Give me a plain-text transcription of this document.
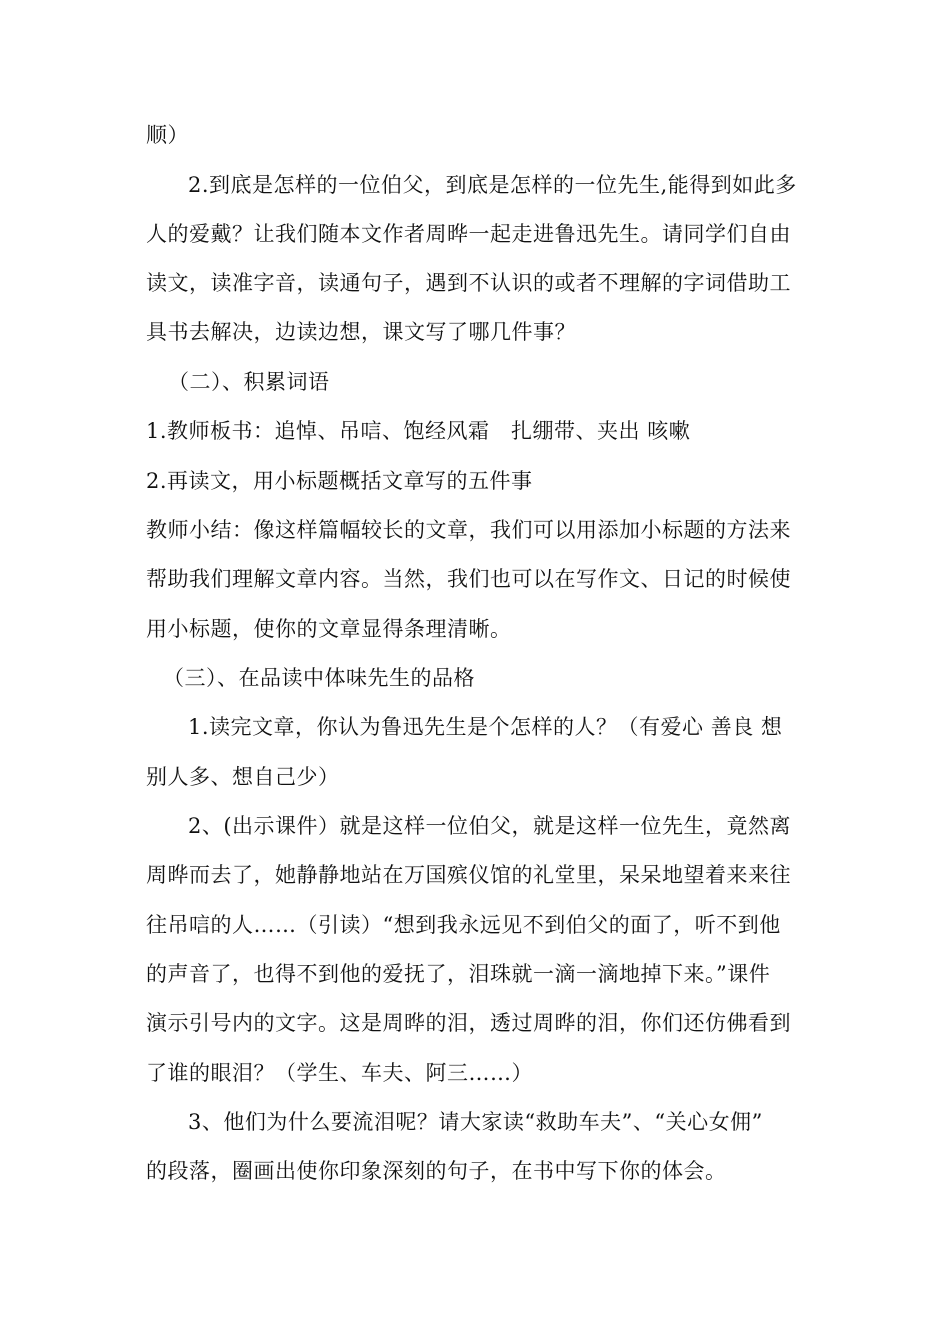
顺）
2.到底是怎样的一位伯父，到底是怎样的一位先生,能得到如此多
人的爱戴？让我们随本文作者周晔一起走进鲁迅先生。请同学们自由
读文，读准字音，读通句子，遇到不认识的或者不理解的字词借助工
具书去解决，边读边想，课文写了哪几件事？
（二）、积累词语
1.教师板书：追悼、吊唁、饱经风霜　扎绷带、夹出 咳嗽
2.再读文，用小标题概括文章写的五件事
教师小结：像这样篇幅较长的文章，我们可以用添加小标题的方法来
帮助我们理解文章内容。当然，我们也可以在写作文、日记的时候使
用小标题，使你的文章显得条理清晰。
（三）、在品读中体味先生的品格
1.读完文章，你认为鲁迅先生是个怎样的人？（有爱心 善良 想
别人多、想自己少）
2、(出示课件）就是这样一位伯父，就是这样一位先生，竟然离
周晔而去了，她静静地站在万国殡仪馆的礼堂里，呆呆地望着来来往
往吊唁的人……（引读）“想到我永远见不到伯父的面了，听不到他
的声音了，也得不到他的爱抚了，泪珠就一滴一滴地掉下来。”课件
演示引号内的文字。这是周晔的泪，透过周晔的泪，你们还仿佛看到
了谁的眼泪？（学生、车夫、阿三……）
3、他们为什么要流泪呢？请大家读“救助车夫”、“关心女佣”
的段落，圈画出使你印象深刻的句子，在书中写下你的体会。
